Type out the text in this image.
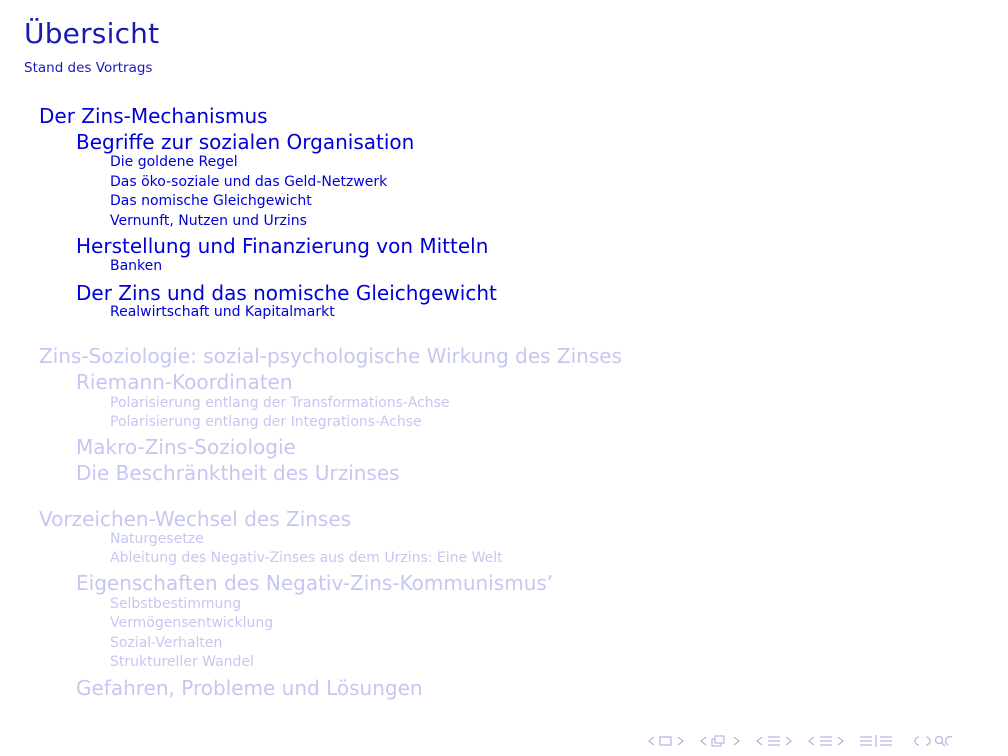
Übersicht
Stand des Vortrags
Der Zins-Mechanismus
Begriffe zur sozialen Organisation
Die goldene Regel
Das öko-soziale und das Geld-Netzwerk
Das nomische Gleichgewicht
Vernunft, Nutzen und Urzins
Herstellung und Finanzierung von Mitteln
Banken
Der Zins und das nomische Gleichgewicht
Realwirtschaft und Kapitalmarkt
Zins-Soziologie: sozial-psychologische Wirkung des Zinses
Riemann-Koordinaten
Polarisierung entlang der Transformations-Achse
Polarisierung entlang der Integrations-Achse
Makro-Zins-Soziologie
Die Beschränktheit des Urzinses
Vorzeichen-Wechsel des Zinses
Naturgesetze
Ableitung des Negativ-Zinses aus dem Urzins: Eine Welt
Eigenschaften des Negativ-Zins-Kommunismus’
Selbstbestimmung
Vermögensentwicklung
Sozial-Verhalten
Struktureller Wandel
Gefahren, Probleme und Lösungen
